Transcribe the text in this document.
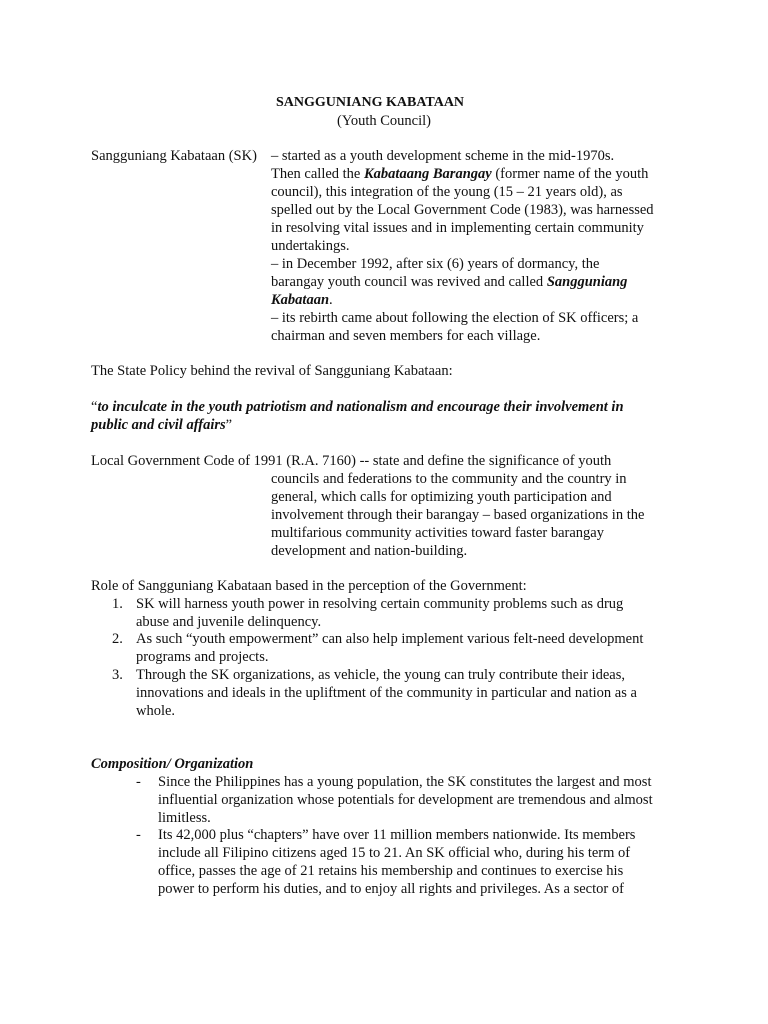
SANGGUNIANG KABATAAN
(Youth Council)
Sangguniang Kabataan (SK) – started as a youth development scheme in the mid-1970s.
Then called the Kabataang Barangay (former name of the youth
council), this integration of the young (15 – 21 years old), as
spelled out by the Local Government Code (1983), was harnessed
in resolving vital issues and in implementing certain community
undertakings.
– in December 1992, after six (6) years of dormancy, the
barangay youth council was revived and called Sangguniang
Kabataan.
– its rebirth came about following the election of SK officers; a
chairman and seven members for each village.
The State Policy behind the revival of Sangguniang Kabataan:
“to inculcate in the youth patriotism and nationalism and encourage their involvement in
public and civil affairs”
Local Government Code of 1991 (R.A. 7160) -- state and define the significance of youth
councils and federations to the community and the country in
general, which calls for optimizing youth participation and
involvement through their barangay – based organizations in the
multifarious community activities toward faster barangay
development and nation-building.
Role of Sangguniang Kabataan based in the perception of the Government:
1. SK will harness youth power in resolving certain community problems such as drug
abuse and juvenile delinquency.
2. As such “youth empowerment” can also help implement various felt-need development
programs and projects.
3. Through the SK organizations, as vehicle, the young can truly contribute their ideas,
innovations and ideals in the upliftment of the community in particular and nation as a
whole.
Composition/ Organization
- Since the Philippines has a young population, the SK constitutes the largest and most
influential organization whose potentials for development are tremendous and almost
limitless.
- Its 42,000 plus “chapters” have over 11 million members nationwide. Its members
include all Filipino citizens aged 15 to 21. An SK official who, during his term of
office, passes the age of 21 retains his membership and continues to exercise his
power to perform his duties, and to enjoy all rights and privileges. As a sector of
